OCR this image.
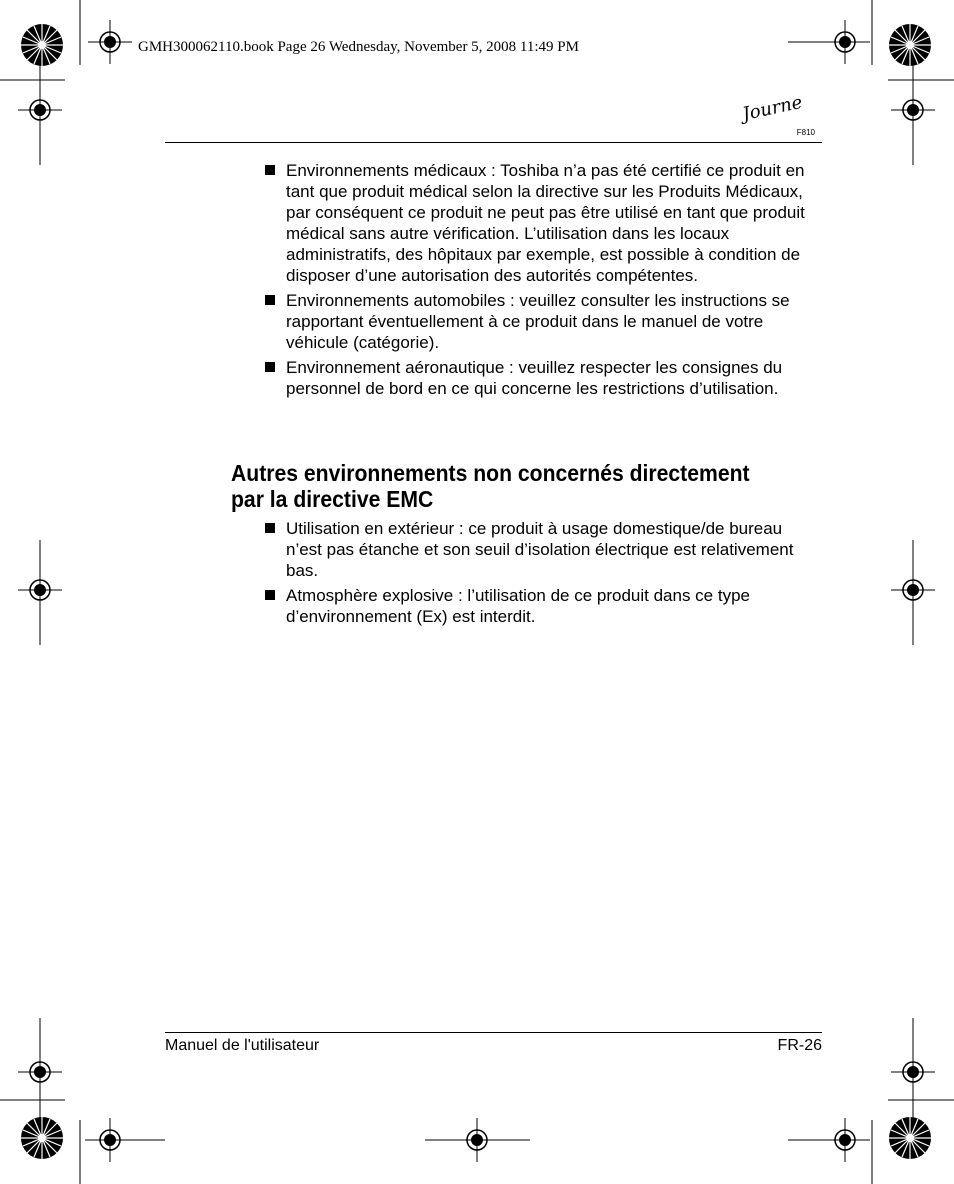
GMH300062110.book Page 26 Wednesday, November 5, 2008 11:49 PM
Journe
F810
Environnements médicaux : Toshiba n’a pas été certifié ce produit en tant que produit médical selon la directive sur les Produits Médicaux, par conséquent ce produit ne peut pas être utilisé en tant que produit médical sans autre vérification. L’utilisation dans les locaux administratifs, des hôpitaux par exemple, est possible à condition de disposer d’une autorisation des autorités compétentes.
Environnements automobiles : veuillez consulter les instructions se rapportant éventuellement à ce produit dans le manuel de votre véhicule (catégorie).
Environnement aéronautique : veuillez respecter les consignes du personnel de bord en ce qui concerne les restrictions d’utilisation.
Autres environnements non concernés directement par la directive EMC
Utilisation en extérieur : ce produit à usage domestique/de bureau n’est pas étanche et son seuil d’isolation électrique est relativement bas.
Atmosphère explosive : l’utilisation de ce produit dans ce type d’environnement (Ex) est interdit.
Manuel de l'utilisateur	FR-26
